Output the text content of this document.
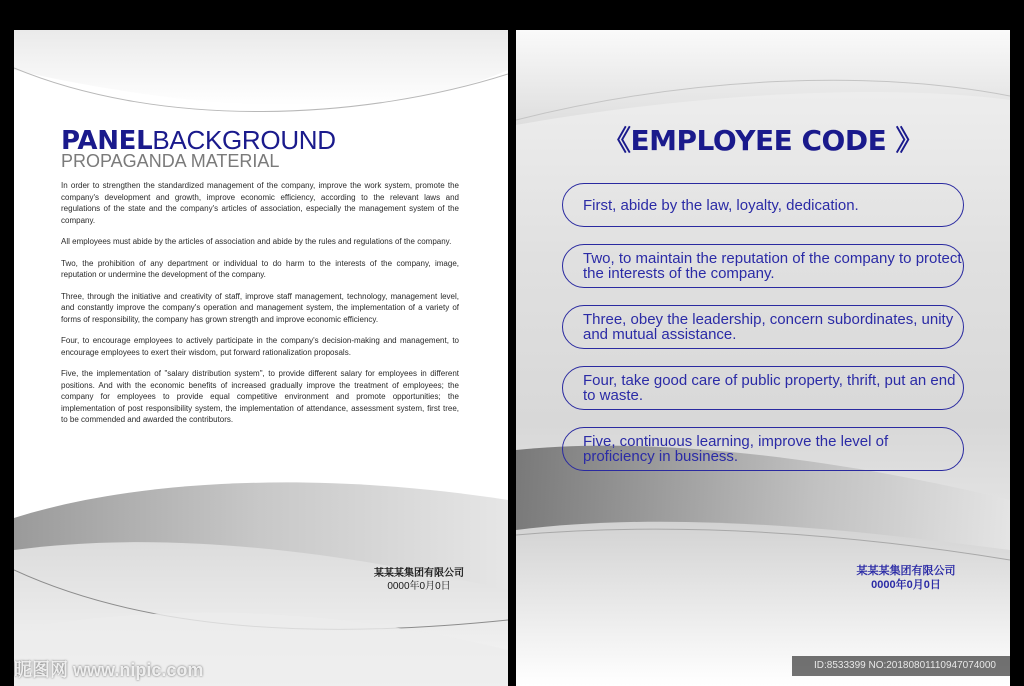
PANELBACKGROUND
PROPAGANDA MATERIAL

In order to strengthen the standardized management of the company, improve the work system, promote the company's development and growth, improve economic efficiency, according to the relevant laws and regulations of the state and the company's articles of association, especially the management system of the company.

All employees must abide by the articles of association and abide by the rules and regulations of the company.

Two, the prohibition of any department or individual to do harm to the interests of the company, image, reputation or undermine the development of the company.

Three, through the initiative and creativity of staff, improve staff management, technology, management level, and constantly improve the company's operation and management system, the implementation of a variety of forms of responsibility, the company has grown strength and improve economic efficiency.

Four, to encourage employees to actively participate in the company's decision-making and management, to encourage employees to exert their wisdom, put forward rationalization proposals.

Five, the implementation of "salary distribution system", to provide different salary for employees in different positions. And with the economic benefits of increased gradually improve the treatment of employees; the company for employees to provide equal competitive environment and promote opportunities; the implementation of post responsibility system, the implementation of attendance, assessment system, first tree, to be commended and awarded the contributors.

某某某集团有限公司
0000年0月0日
《EMPLOYEE CODE 》
First, abide by the law, loyalty, dedication.
Two, to maintain the reputation of the company to protect the interests of the company.
Three, obey the leadership, concern subordinates, unity and mutual assistance.
Four, take good care of public property, thrift, put an end to waste.
Five, continuous learning, improve the level of proficiency in business.
某某某集团有限公司
0000年0月0日
昵图网 www.nipic.com	ID:8533399 NO:20180801110947074000
